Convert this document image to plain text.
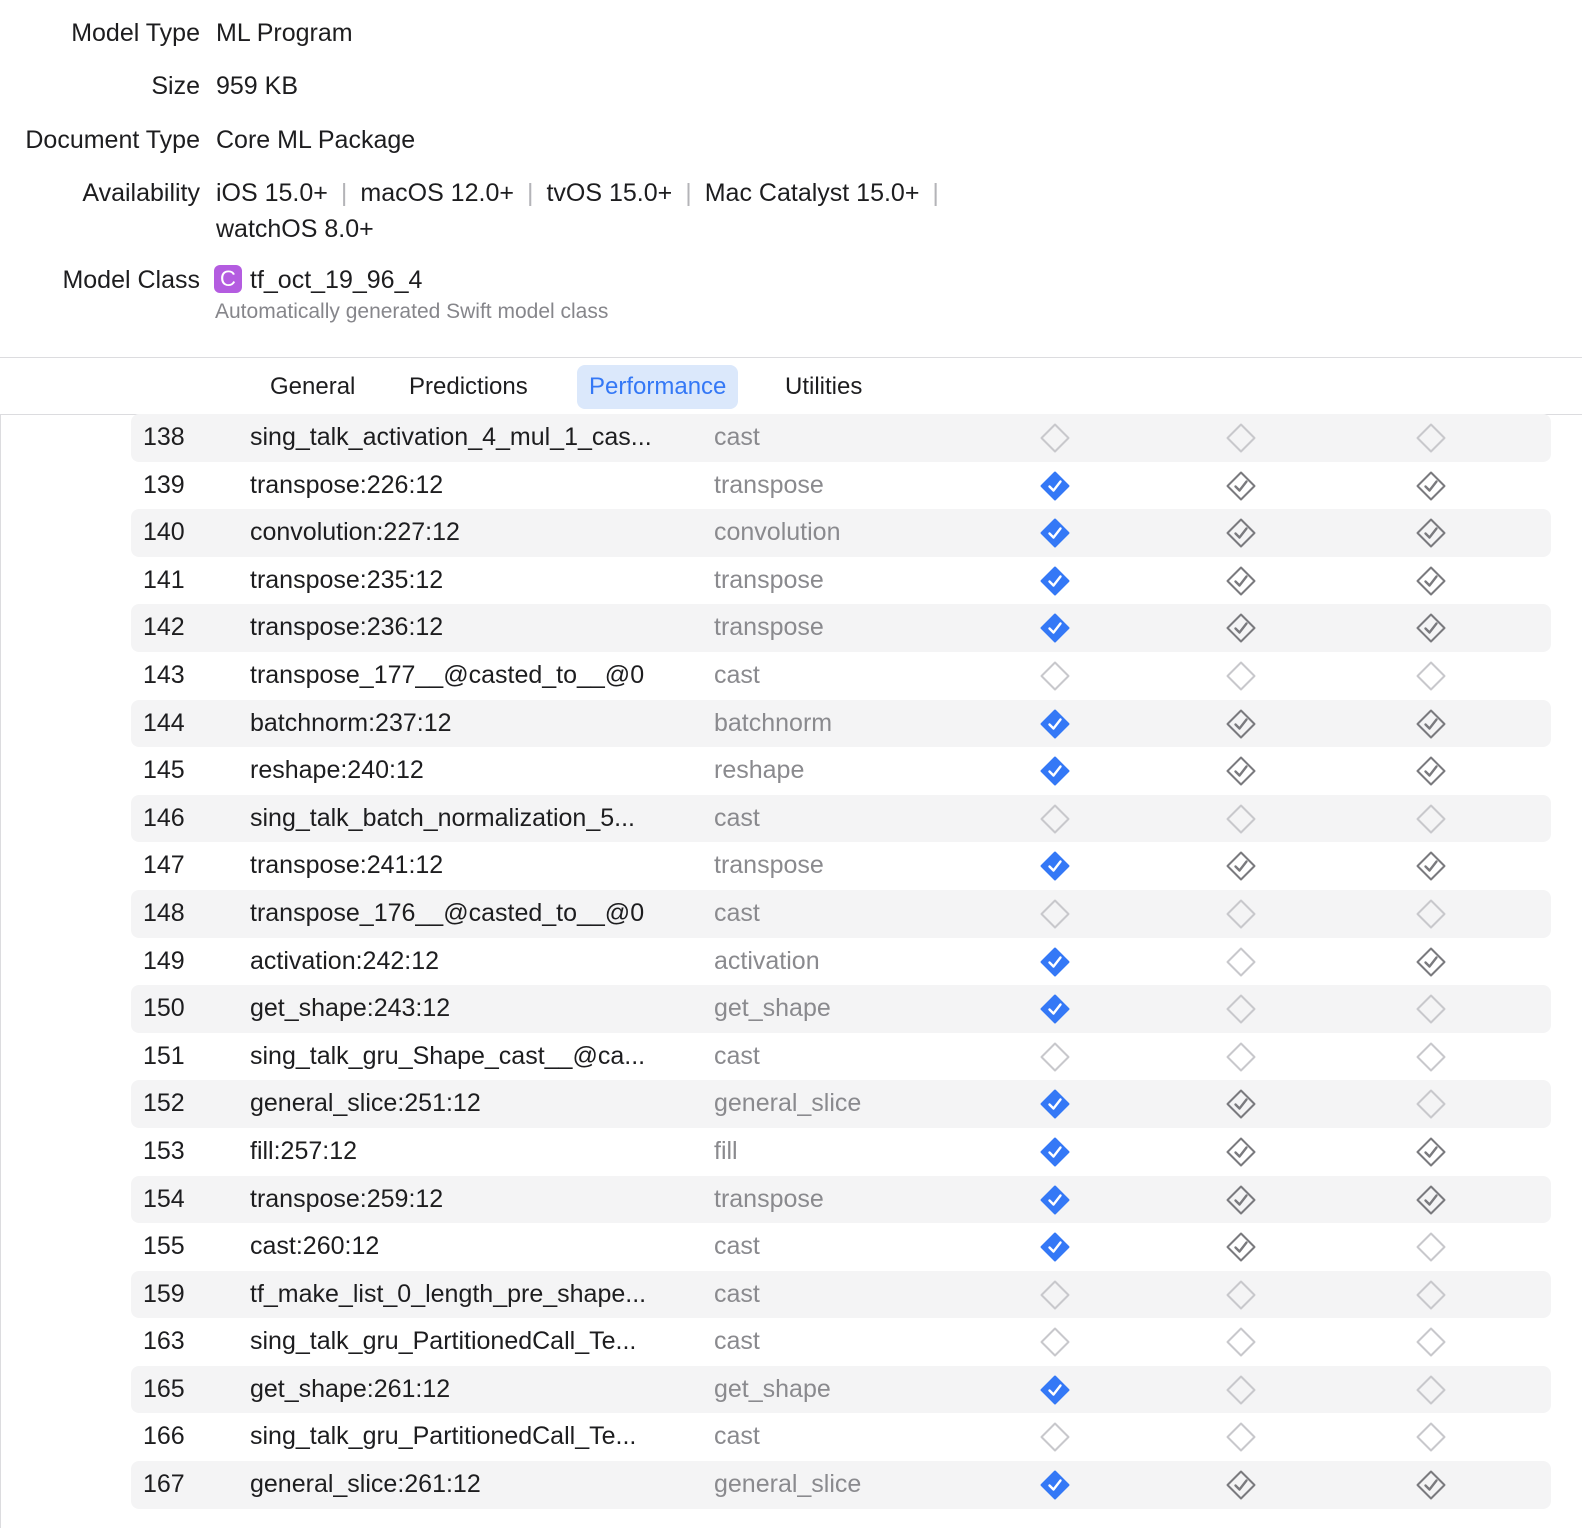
Model Type ML Program
Size 959 KB
Document Type Core ML Package
Availability iOS 15.0+ | macOS 12.0+ | tvOS 15.0+ | Mac Catalyst 15.0+ |
watchOS 8.0+
Model Class C tf_oct_19_96_4
Automatically generated Swift model class
General	Predictions	Performance	Utilities
138	sing_talk_activation_4_mul_1_cas... cast
139	transpose:226:12	transpose
140	convolution:227:12	convolution
141	transpose:235:12	transpose
142	transpose:236:12	transpose
143	transpose_177__@casted_to__@0	cast
144	batchnorm:237:12	batchnorm
145	reshape:240:12	reshape
146	sing_talk_batch_normalization_5...	cast
147	transpose:241:12	transpose
148	transpose_176__@casted_to__@0	cast
149	activation:242:12	activation
150	get_shape:243:12	get_shape
151	sing_talk_gru_Shape_cast__@ca...	cast
152	general_slice:251:12	general_slice
153	fill:257:12	fill
154	transpose:259:12	transpose
155	cast:260:12	cast
159	tf_make_list_0_length_pre_shape...	cast
163	sing_talk_gru_PartitionedCall_Te...	cast
165	get_shape:261:12	get_shape
166	sing_talk_gru_PartitionedCall_Te...	cast
167	general_slice:261:12	general_slice
